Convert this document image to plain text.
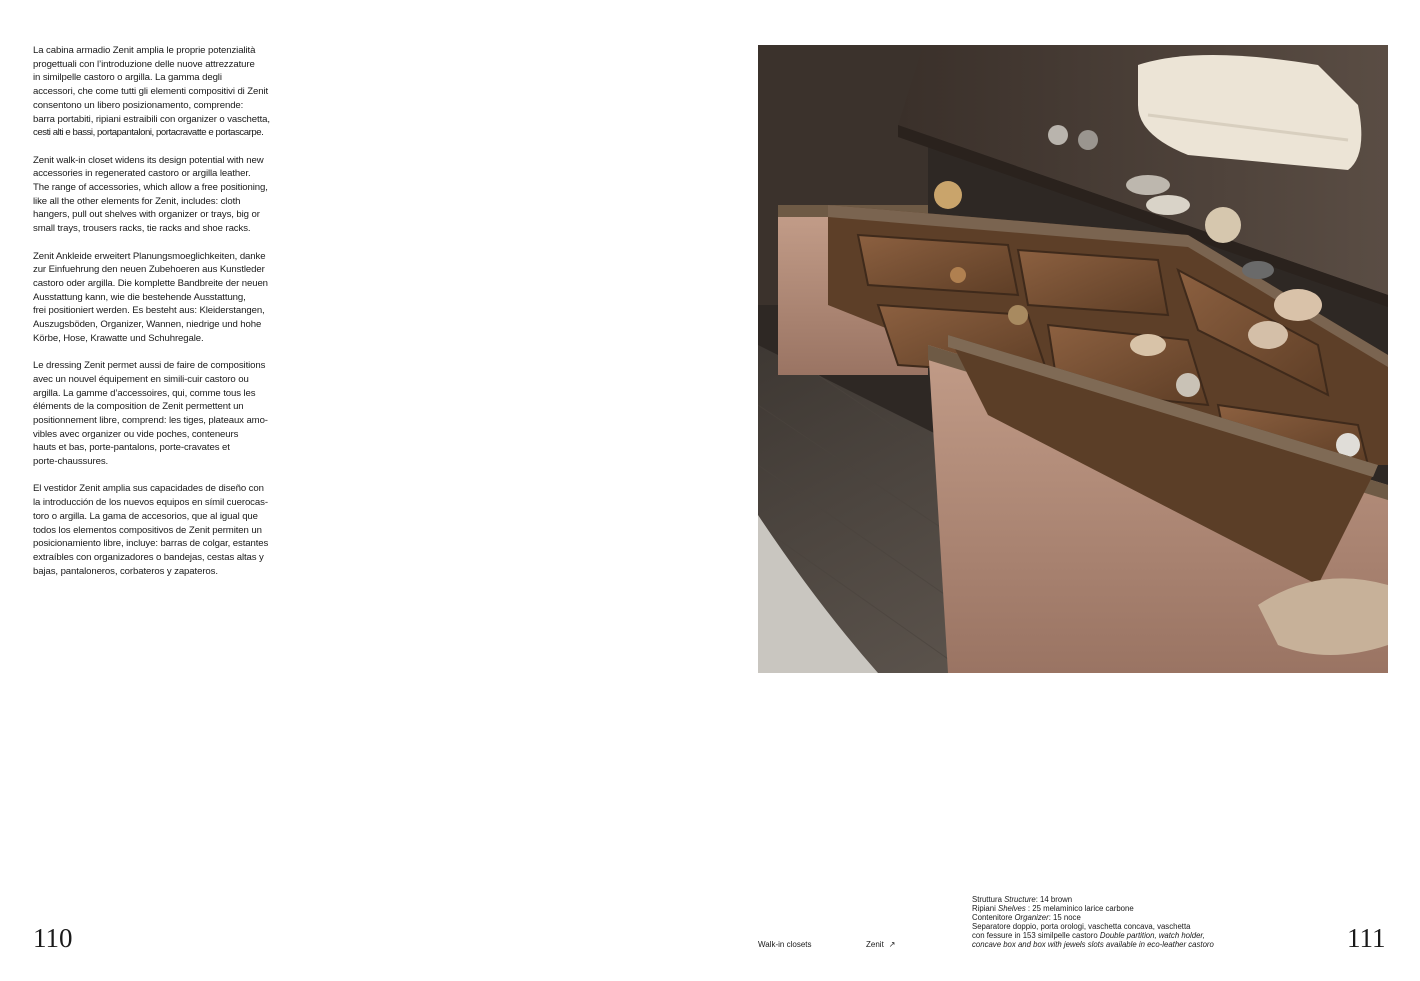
La cabina armadio Zenit amplia le proprie potenzialità
progettuali con l’introduzione delle nuove attrezzature
in similpelle castoro o argilla. La gamma degli
accessori, che come tutti gli elementi compositivi di Zenit
consentono un libero posizionamento, comprende:
barra portabiti, ripiani estraibili con organizer o vaschetta,
cesti alti e bassi, portapantaloni, portacravatte e portascarpe.

Zenit walk-in closet widens its design potential with new
accessories in regenerated castoro or argilla leather.
The range of accessories, which allow a free positioning,
like all the other elements for Zenit, includes: cloth
hangers, pull out shelves with organizer or trays, big or
small trays, trousers racks, tie racks and shoe racks.

Zenit Ankleide erweitert Planungsmoeglichkeiten, danke
zur Einfuehrung den neuen Zubehoeren aus Kunstleder
castoro oder argilla. Die komplette Bandbreite der neuen
Ausstattung kann, wie die bestehende Ausstattung,
frei positioniert werden. Es besteht aus: Kleiderstangen,
Auszugsböden, Organizer, Wannen, niedrige und hohe
Körbe, Hose, Krawatte und Schuhregale.

Le dressing Zenit permet aussi de faire de compositions
avec un nouvel équipement en simili-cuir castoro ou
argilla. La gamme d’accessoires, qui, comme tous les
éléments de la composition de Zenit permettent un
positionnement libre, comprend: les tiges, plateaux amo-
vibles avec organizer ou vide poches, conteneurs
hauts et bas, porte-pantalons, porte-cravates et
porte-chaussures.

El vestidor Zenit amplia sus capacidades de diseño con
la introducción de los nuevos equipos en símil cuerocas-
toro o argilla. La gama de accesorios, que al igual que
todos los elementos compositivos de Zenit permiten un
posicionamiento libre, incluye: barras de colgar, estantes
extraíbles con organizadores o bandejas, cestas altas y
bajas, pantaloneros, corbateros y zapateros.

110	111
Walk-in closets	Zenit ↗
Struttura Structure: 14 brown
Ripiani Shelves : 25 melaminico larice carbone
Contenitore Organizer: 15 noce
Separatore doppio, porta orologi, vaschetta concava, vaschetta
con fessure in 153 similpelle castoro Double partition, watch holder,
concave box and box with jewels slots available in eco-leather castoro
